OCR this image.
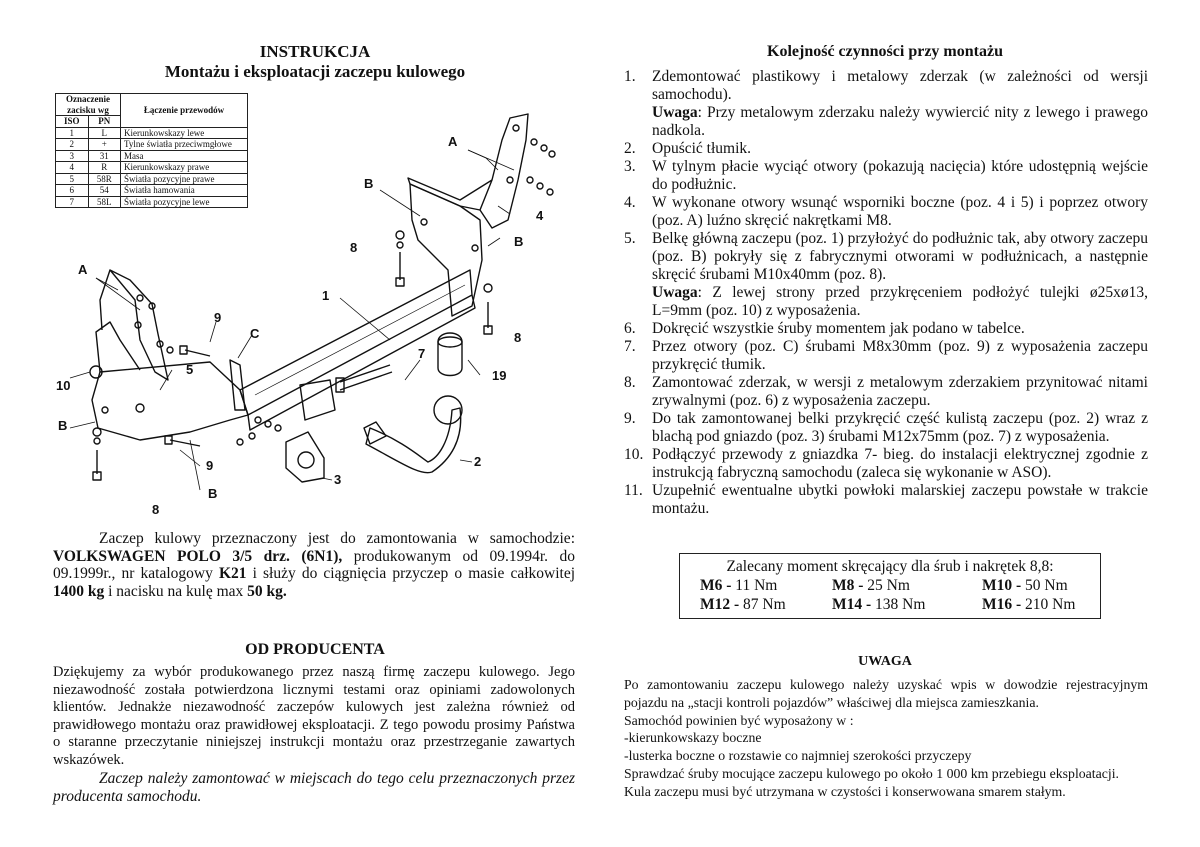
INSTRUKCJA
Montażu i eksploatacji zaczepu kulowego
Oznaczenie zacisku wg		Łączenie przewodów
ISO	PN	
1	L	Kierunkowskazy lewe
2	+	Tylne światła przeciwmgłowe
3	31	Masa
4	R	Kierunkowskazy prawe
5	58R	Światła pozycyjne prawe
6	54	Światła hamowania
7	58L	Światła pozycyjne lewe
A
4
B
B
8
8
1
A
9
C
7
19
5
10
B
9	2
3
B
8
Zaczep kulowy przeznaczony jest do zamontowania w samochodzie: VOLKSWAGEN POLO 3/5 drz. (6N1), produkowanym od 09.1994r. do 09.1999r., nr katalogowy K21 i służy do ciągnięcia przyczep o masie całkowitej 1400 kg i nacisku na kulę max 50 kg.
OD PRODUCENTA
Dziękujemy za wybór produkowanego przez naszą firmę zaczepu kulowego. Jego niezawodność została potwierdzona licznymi testami oraz opiniami zadowolonych klientów. Jednakże niezawodność zaczepów kulowych jest zależna również od prawidłowego montażu oraz prawidłowej eksploatacji. Z tego powodu prosimy Państwa o staranne przeczytanie niniejszej instrukcji montażu oraz przestrzeganie zawartych wskazówek.
Zaczep należy zamontować w miejscach do tego celu przeznaczonych przez producenta samochodu.
Kolejność czynności przy montażu
1. Zdemontować plastikowy i metalowy zderzak (w zależności od wersji samochodu).
Uwaga: Przy metalowym zderzaku należy wywiercić nity z lewego i prawego nadkola.
2. Opuścić tłumik.
3. W tylnym płacie wyciąć otwory (pokazują nacięcia) które udostępnią wejście do podłużnic.
4. W wykonane otwory wsunąć wsporniki boczne (poz. 4 i 5) i poprzez otwory (poz. A) luźno skręcić nakrętkami M8.
5. Belkę główną zaczepu (poz. 1) przyłożyć do podłużnic tak, aby otwory zaczepu (poz. B) pokryły się z fabrycznymi otworami w podłużnicach, a następnie skręcić śrubami M10x40mm (poz. 8).
Uwaga: Z lewej strony przed przykręceniem podłożyć tulejki ø25xø13, L=9mm (poz. 10) z wyposażenia.
6. Dokręcić wszystkie śruby momentem jak podano w tabelce.
7. Przez otwory (poz. C) śrubami M8x30mm (poz. 9) z wyposażenia zaczepu przykręcić tłumik.
8. Zamontować zderzak, w wersji z metalowym zderzakiem przynitować nitami zrywalnymi (poz. 6) z wyposażenia zaczepu.
9. Do tak zamontowanej belki przykręcić część kulistą zaczepu (poz. 2) wraz z blachą pod gniazdo (poz. 3) śrubami M12x75mm (poz. 7) z wyposażenia.
10. Podłączyć przewody z gniazdka 7- bieg. do instalacji elektrycznej zgodnie z instrukcją fabryczną samochodu (zaleca się wykonanie w ASO).
11. Uzupełnić ewentualne ubytki powłoki malarskiej zaczepu powstałe w trakcie montażu.
Zalecany moment skręcający dla śrub i nakrętek 8,8:
M6 - 11 Nm	M8 - 25 Nm	M10 - 50 Nm
M12 - 87 Nm	M14 - 138 Nm	M16 - 210 Nm
UWAGA
Po zamontowaniu zaczepu kulowego należy uzyskać wpis w dowodzie rejestracyjnym pojazdu na „stacji kontroli pojazdów” właściwej dla miejsca zamieszkania.
Samochód powinien być wyposażony w :
-kierunkowskazy boczne
-lusterka boczne o rozstawie co najmniej szerokości przyczepy
Sprawdzać śruby mocujące zaczepu kulowego po około 1 000 km przebiegu eksploatacji.
Kula zaczepu musi być utrzymana w czystości i konserwowana smarem stałym.
